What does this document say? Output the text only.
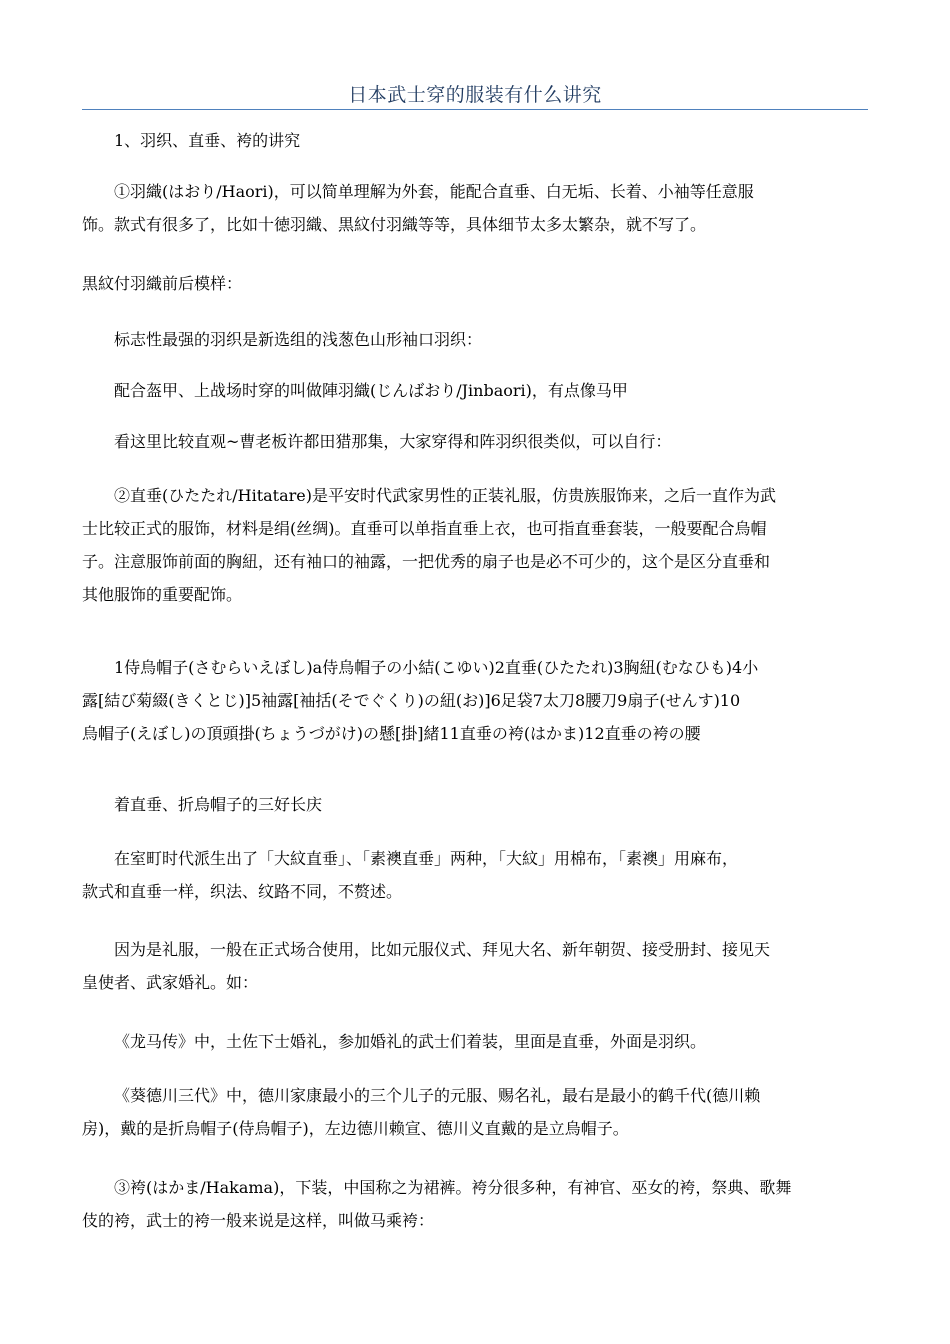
日本武士穿的服装有什么讲究

1、羽织、直垂、袴的讲究

①羽織(はおり/Haori)，可以简单理解为外套，能配合直垂、白无垢、长着、小袖等任意服
饰。款式有很多了，比如十徳羽織、黒紋付羽織等等，具体细节太多太繁杂，就不写了。

黒紋付羽織前后模样：

标志性最强的羽织是新选组的浅葱色山形袖口羽织：

配合盔甲、上战场时穿的叫做陣羽織(じんばおり/Jinbaori)，有点像马甲

看这里比较直观~曹老板许都田猎那集，大家穿得和阵羽织很类似，可以自行：

②直垂(ひたたれ/Hitatare)是平安时代武家男性的正装礼服，仿贵族服饰来，之后一直作为武
士比较正式的服饰，材料是绢(丝绸)。直垂可以单指直垂上衣，也可指直垂套装，一般要配合烏帽
子。注意服饰前面的胸紐，还有袖口的袖露，一把优秀的扇子也是必不可少的，这个是区分直垂和
其他服饰的重要配饰。

1侍烏帽子(さむらいえぼし)a侍烏帽子の小結(こゆい)2直垂(ひたたれ)3胸紐(むなひも)4小
露[結び菊綴(きくとじ)]5袖露[袖括(そでぐくり)の紐(お)]6足袋7太刀8腰刀9扇子(せんす)10
烏帽子(えぼし)の頂頭掛(ちょうづがけ)の懸[掛]緒11直垂の袴(はかま)12直垂の袴の腰

着直垂、折烏帽子的三好长庆

在室町时代派生出了「大紋直垂」、「素襖直垂」两种，「大紋」用棉布，「素襖」用麻布，
款式和直垂一样，织法、纹路不同，不赘述。

因为是礼服，一般在正式场合使用，比如元服仪式、拜见大名、新年朝贺、接受册封、接见天
皇使者、武家婚礼。如：

《龙马传》中，土佐下士婚礼，参加婚礼的武士们着装，里面是直垂，外面是羽织。

《葵德川三代》中，德川家康最小的三个儿子的元服、赐名礼，最右是最小的鹤千代(德川赖
房)，戴的是折烏帽子(侍烏帽子)，左边德川赖宣、德川义直戴的是立烏帽子。

③袴(はかま/Hakama)，下装，中国称之为裙裤。袴分很多种，有神官、巫女的袴，祭典、歌舞
伎的袴，武士的袴一般来说是这样，叫做马乘袴：
